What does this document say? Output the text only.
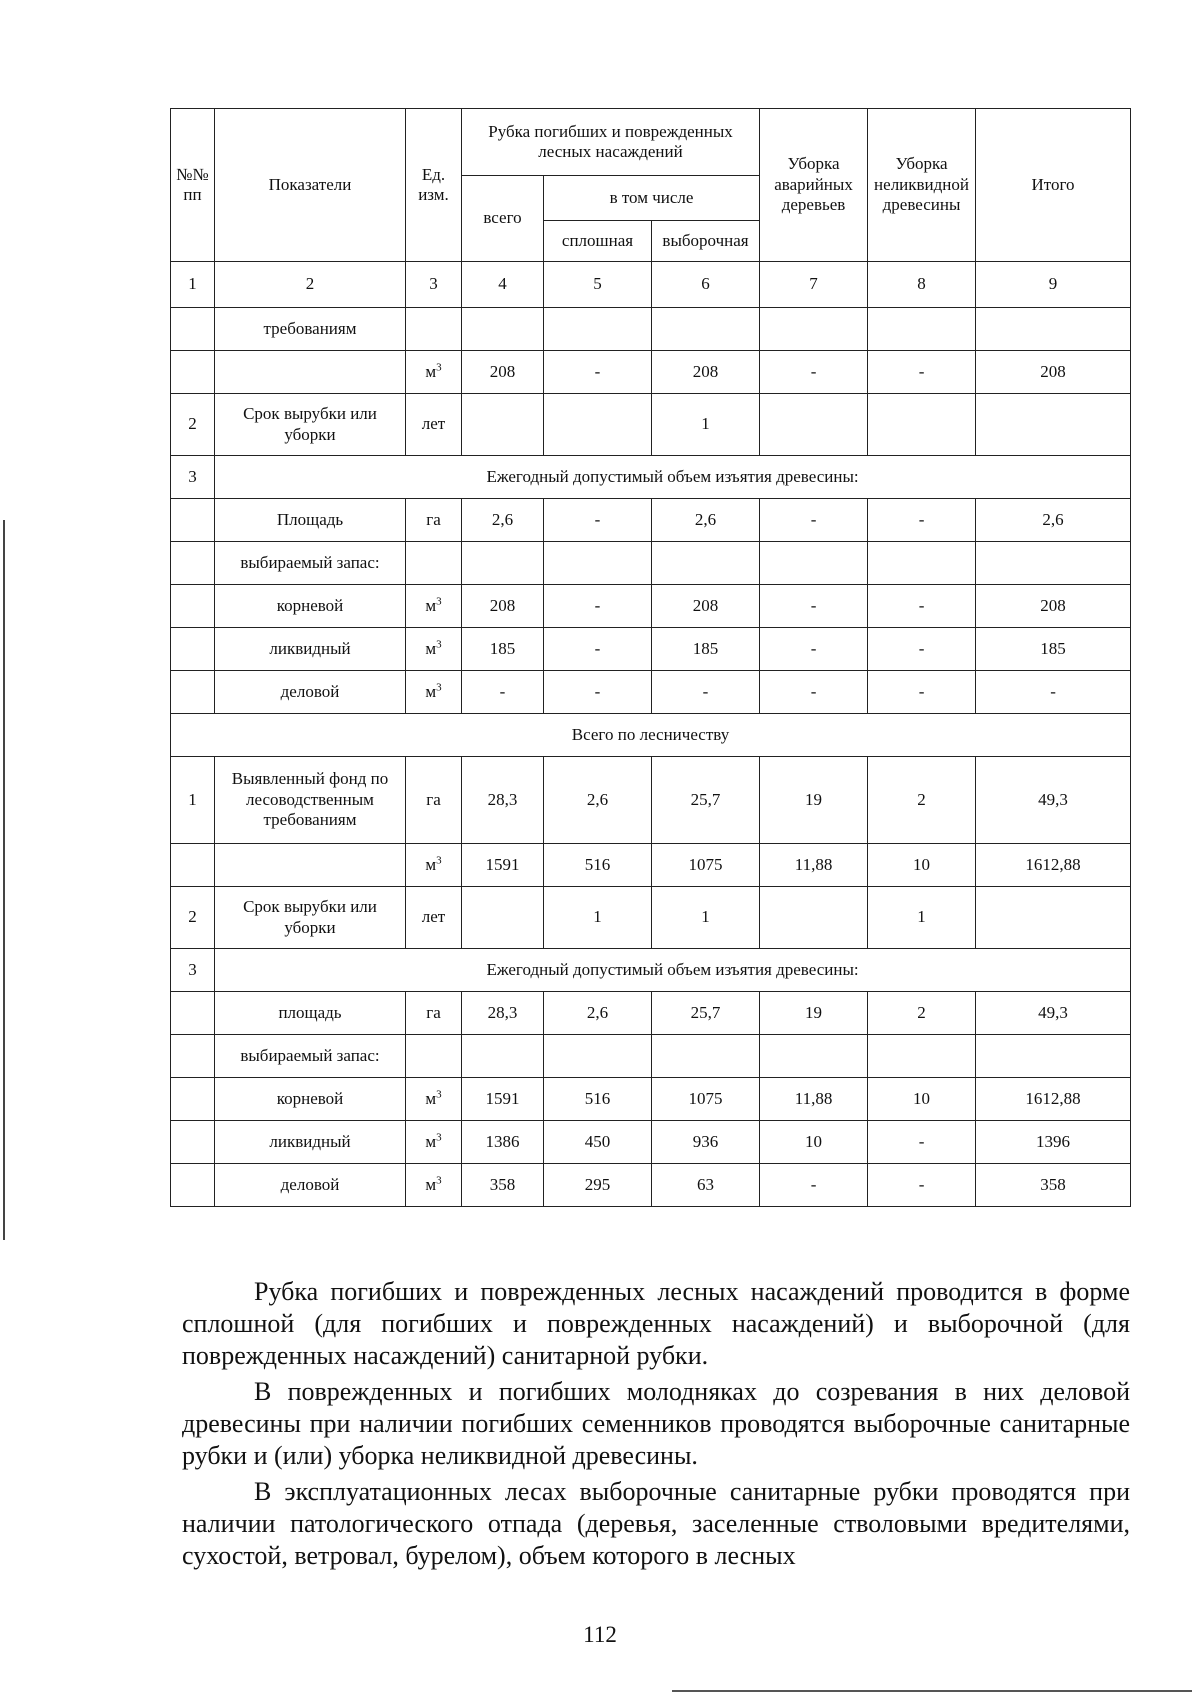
№№ пп	Показатели	Ед. изм.	Рубка погибших и поврежденных лесных насаждений			Уборка аварийных деревьев	Уборка неликвидной древесины	Итого
			всего	в том числе				
				сплошная	выборочная			
1	2	3	4	5	6	7	8	9
	требованиям							
		$м^3$	208	-	208	-	-	208
2	Срок вырубки или уборки	лет			1			
3	Ежегодный допустимый объем изъятия древесины:							
	Площадь	га	2,6	-	2,6	-	-	2,6
	выбираемый запас:							
	корневой	$м^3$	208	-	208	-	-	208
	ликвидный	$м^3$	185	-	185	-	-	185
	деловой	$м^3$	-	-	-	-	-	-
Всего по лесничеству								
1	Выявленный фонд по лесоводственным требованиям	га	28,3	2,6	25,7	19	2	49,3
		$м^3$	1591	516	1075	11,88	10	1612,88
2	Срок вырубки или уборки	лет		1	1		1	
3	Ежегодный допустимый объем изъятия древесины:							
	площадь	га	28,3	2,6	25,7	19	2	49,3
	выбираемый запас:							
	корневой	$м^3$	1591	516	1075	11,88	10	1612,88
	ликвидный	$м^3$	1386	450	936	10	-	1396
	деловой	$м^3$	358	295	63	-	-	358

Рубка погибших и поврежденных лесных насаждений проводится в форме сплошной (для погибших и поврежденных насаждений) и выборочной (для поврежденных насаждений) санитарной рубки.

В поврежденных и погибших молодняках до созревания в них деловой древесины при наличии погибших семенников проводятся выборочные санитарные рубки и (или) уборка неликвидной древесины.

В эксплуатационных лесах выборочные санитарные рубки проводятся при наличии патологического отпада (деревья, заселенные стволовыми вредителями, сухостой, ветровал, бурелом), объем которого в лесных

112
